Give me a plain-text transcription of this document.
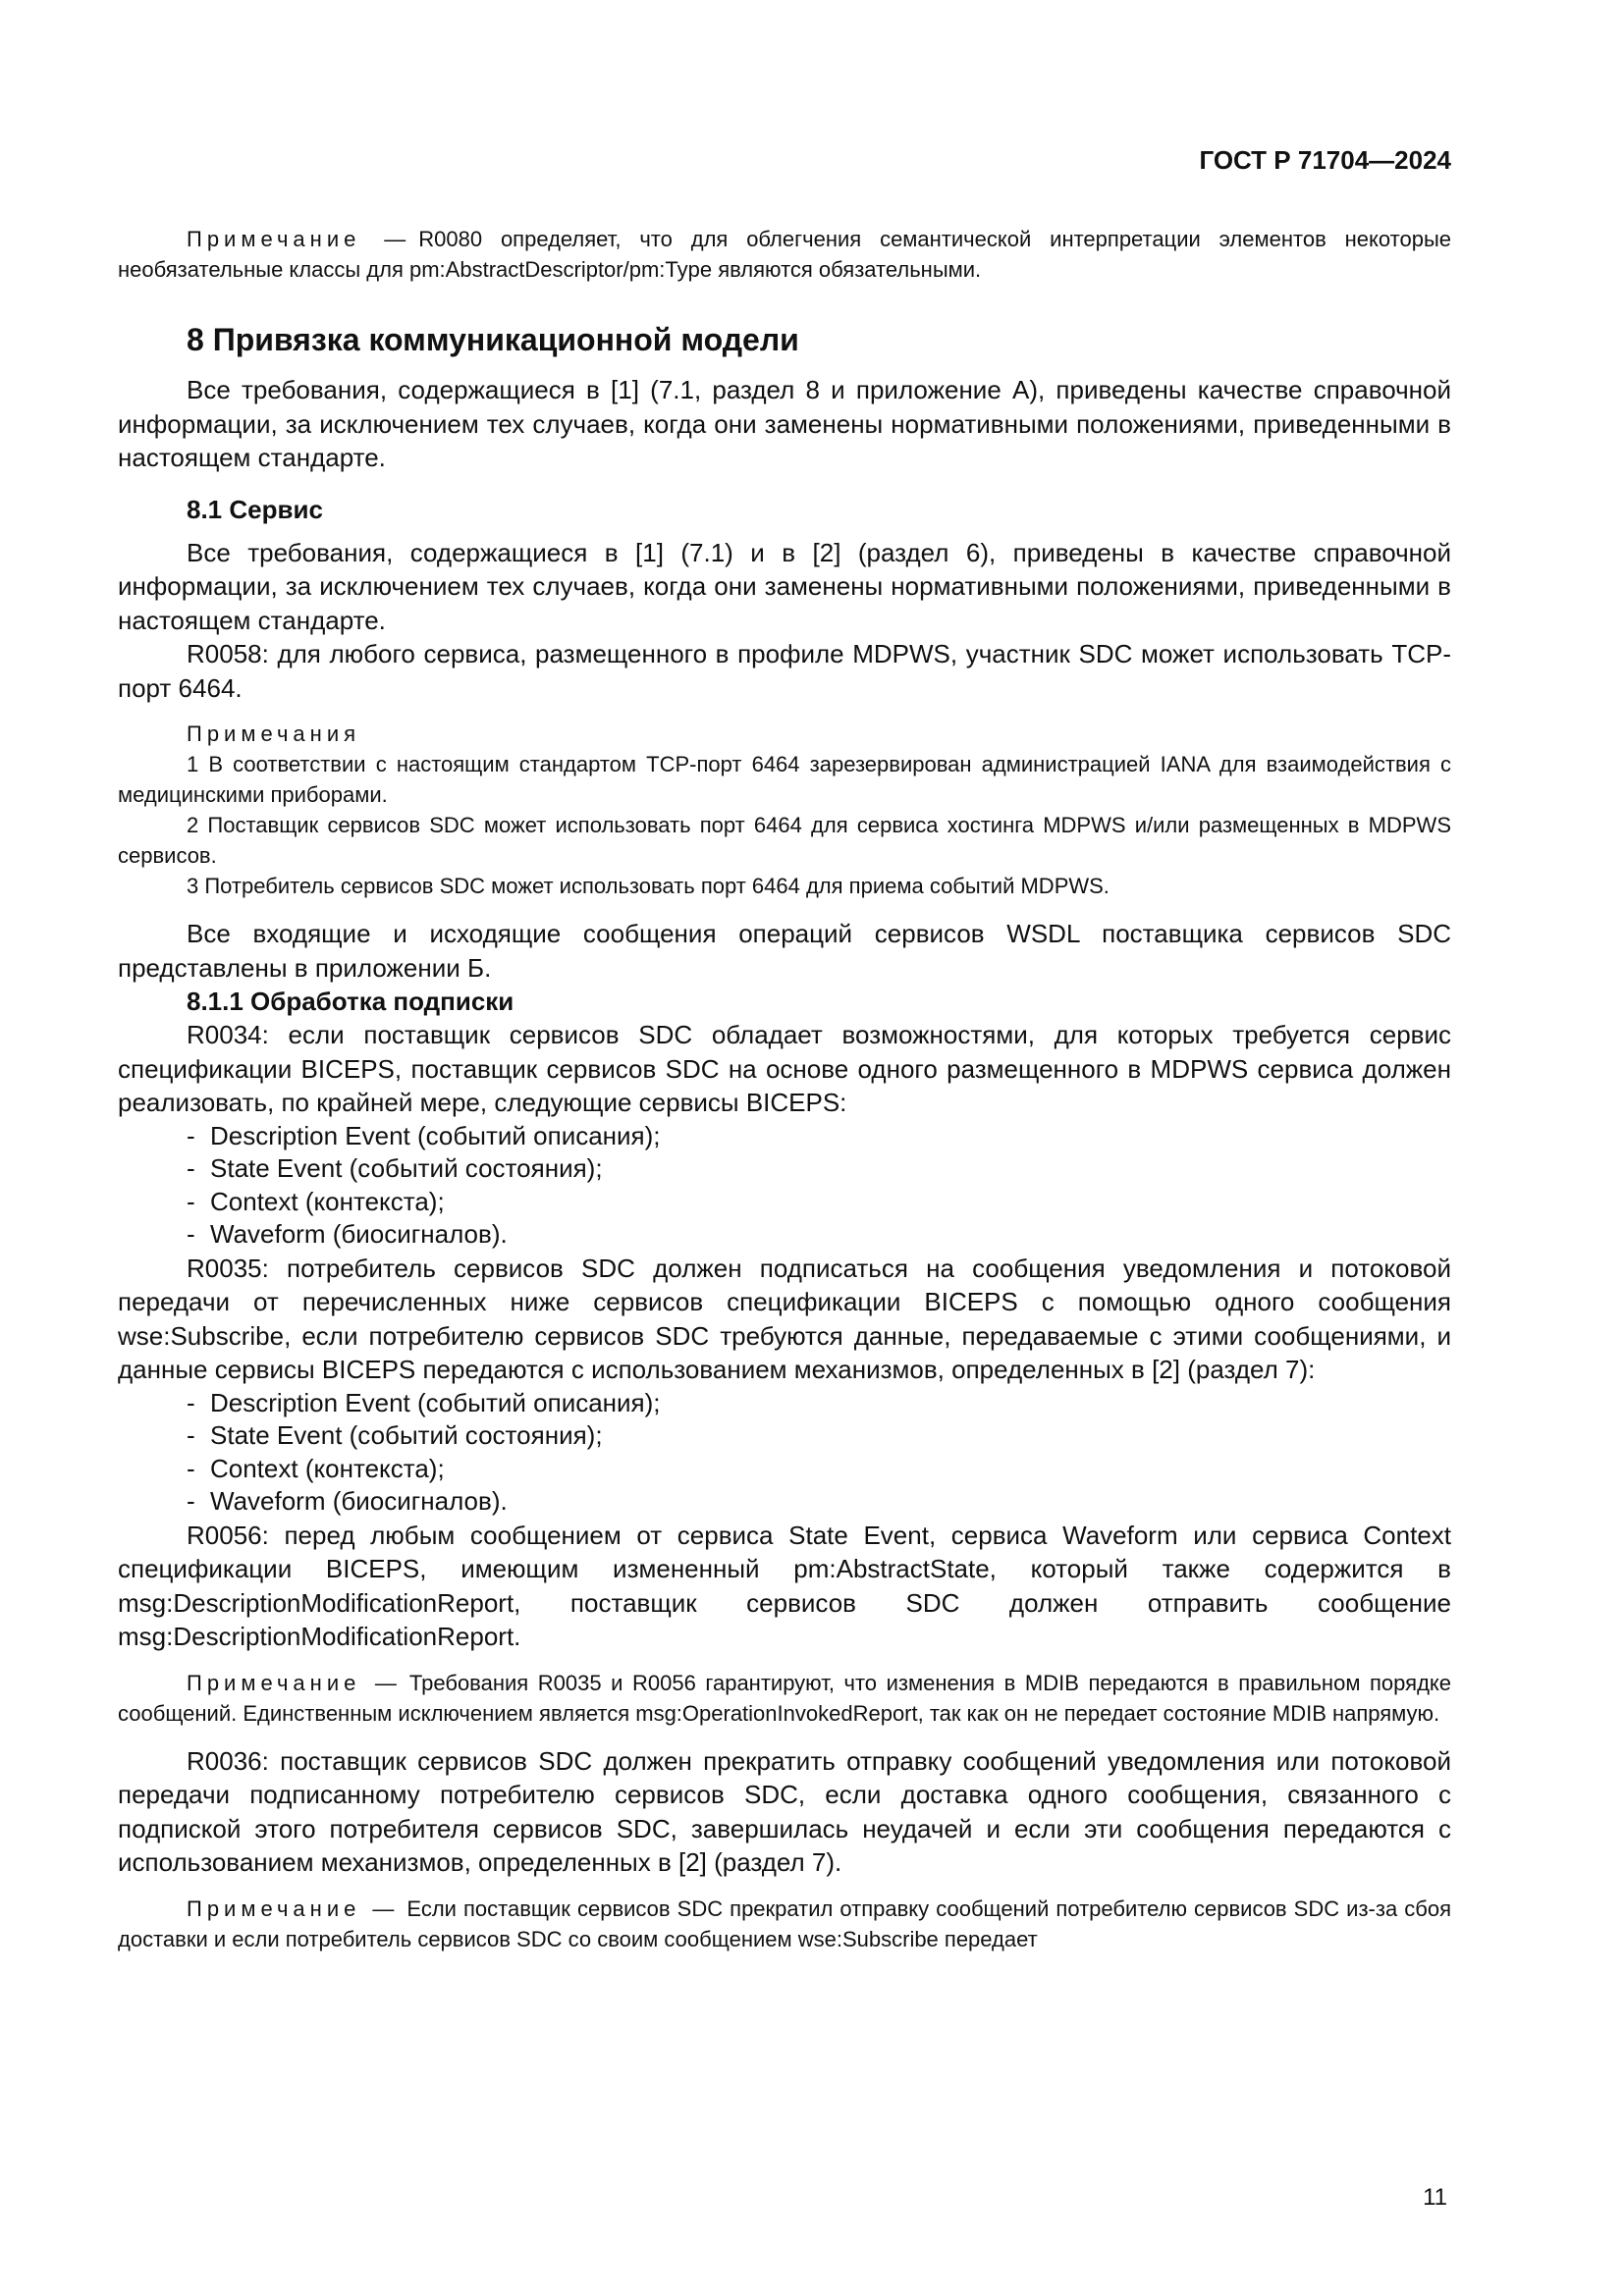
ГОСТ Р 71704—2024

Примечание — R0080 определяет, что для облегчения семантической интерпретации элементов некоторые необязательные классы для pm:AbstractDescriptor/pm:Type являются обязательными.

8 Привязка коммуникационной модели

Все требования, содержащиеся в [1] (7.1, раздел 8 и приложение А), приведены качестве справочной информации, за исключением тех случаев, когда они заменены нормативными положениями, приведенными в настоящем стандарте.

8.1 Сервис

Все требования, содержащиеся в [1] (7.1) и в [2] (раздел 6), приведены в качестве справочной информации, за исключением тех случаев, когда они заменены нормативными положениями, приведенными в настоящем стандарте.

R0058: для любого сервиса, размещенного в профиле MDPWS, участник SDC может использовать TCP-порт 6464.

Примечания

1 В соответствии с настоящим стандартом TCP-порт 6464 зарезервирован администрацией IANA для взаимодействия с медицинскими приборами.

2 Поставщик сервисов SDC может использовать порт 6464 для сервиса хостинга MDPWS и/или размещенных в MDPWS сервисов.

3 Потребитель сервисов SDC может использовать порт 6464 для приема событий MDPWS.

Все входящие и исходящие сообщения операций сервисов WSDL поставщика сервисов SDC представлены в приложении Б.

8.1.1 Обработка подписки

R0034: если поставщик сервисов SDC обладает возможностями, для которых требуется сервис спецификации BICEPS, поставщик сервисов SDC на основе одного размещенного в MDPWS сервиса должен реализовать, по крайней мере, следующие сервисы BICEPS:

- Description Event (событий описания);

- State Event (событий состояния);

- Context (контекста);

- Waveform (биосигналов).

R0035: потребитель сервисов SDC должен подписаться на сообщения уведомления и потоковой передачи от перечисленных ниже сервисов спецификации BICEPS с помощью одного сообщения wse:Subscribe, если потребителю сервисов SDC требуются данные, передаваемые с этими сообщениями, и данные сервисы BICEPS передаются с использованием механизмов, определенных в [2] (раздел 7):

- Description Event (событий описания);

- State Event (событий состояния);

- Context (контекста);

- Waveform (биосигналов).

R0056: перед любым сообщением от сервиса State Event, сервиса Waveform или сервиса Context спецификации BICEPS, имеющим измененный pm:AbstractState, который также содержится в msg:DescriptionModificationReport, поставщик сервисов SDC должен отправить сообщение msg:DescriptionModificationReport.

Примечание — Требования R0035 и R0056 гарантируют, что изменения в MDIB передаются в правильном порядке сообщений. Единственным исключением является msg:OperationInvokedReport, так как он не передает состояние MDIB напрямую.

R0036: поставщик сервисов SDC должен прекратить отправку сообщений уведомления или потоковой передачи подписанному потребителю сервисов SDC, если доставка одного сообщения, связанного с подпиской этого потребителя сервисов SDC, завершилась неудачей и если эти сообщения передаются с использованием механизмов, определенных в [2] (раздел 7).

Примечание — Если поставщик сервисов SDC прекратил отправку сообщений потребителю сервисов SDC из-за сбоя доставки и если потребитель сервисов SDC со своим сообщением wse:Subscribe передает

11
